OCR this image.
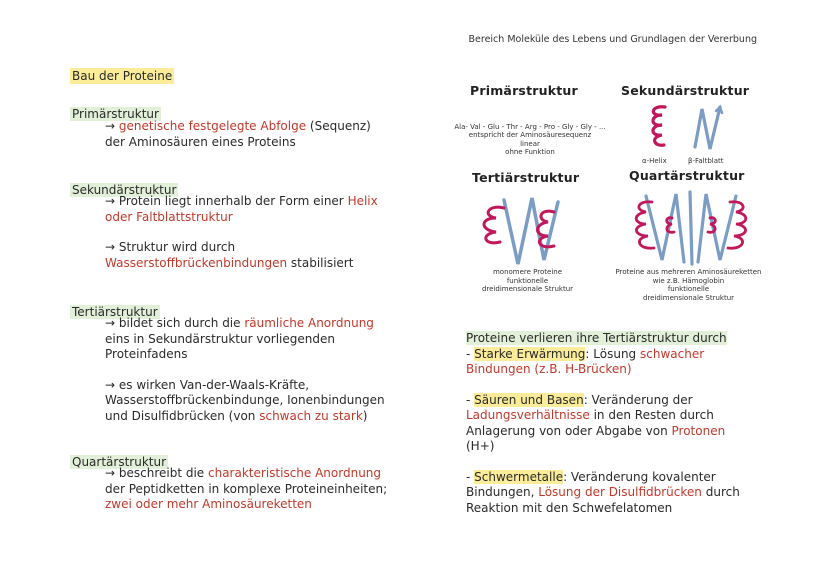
Bereich Moleküle des Lebens und Grundlagen der Vererbung
Bau der Proteine
Primärstruktur
→ genetische festgelegte Abfolge (Sequenz)
der Aminosäuren eines Proteins
Sekundärstruktur
→ Protein liegt innerhalb der Form einer Helix
oder Faltblattstruktur
→ Struktur wird durch
Wasserstoffbrückenbindungen stabilisiert
Tertiärstruktur
→ bildet sich durch die räumliche Anordnung
eins in Sekundärstruktur vorliegenden
Proteinfadens
→ es wirken Van-der-Waals-Kräfte,
Wasserstoffbrückenbindunge, Ionenbindungen
und Disulfidbrücken (von schwach zu stark)
Quartärstruktur
→ beschreibt die charakteristische Anordnung
der Peptidketten in komplexe Proteineinheiten;
zwei oder mehr Aminosäureketten
Primärstruktur	Sekundärstruktur
Tertiärstruktur	Quartärstruktur
Ala- Val - Glu - Thr - Arg - Pro - Gly - Gly - ...
entspricht der Aminosäuresequenz
linear
ohne Funktion
α-Helix	β-Faltblatt
monomere Proteine
funktionelle
dreidimensionale Struktur
Proteine aus mehreren Aminosäureketten
wie z.B. Hämoglobin
funktionelle
dreidimensionale Struktur
Proteine verlieren ihre Tertiärstruktur durch
- Starke Erwärmung: Lösung schwacher
Bindungen (z.B. H-Brücken)
- Säuren und Basen: Veränderung der
Ladungsverhältnisse in den Resten durch
Anlagerung von oder Abgabe von Protonen
(H+)
- Schwermetalle: Veränderung kovalenter
Bindungen, Lösung der Disulfidbrücken durch
Reaktion mit den Schwefelatomen
